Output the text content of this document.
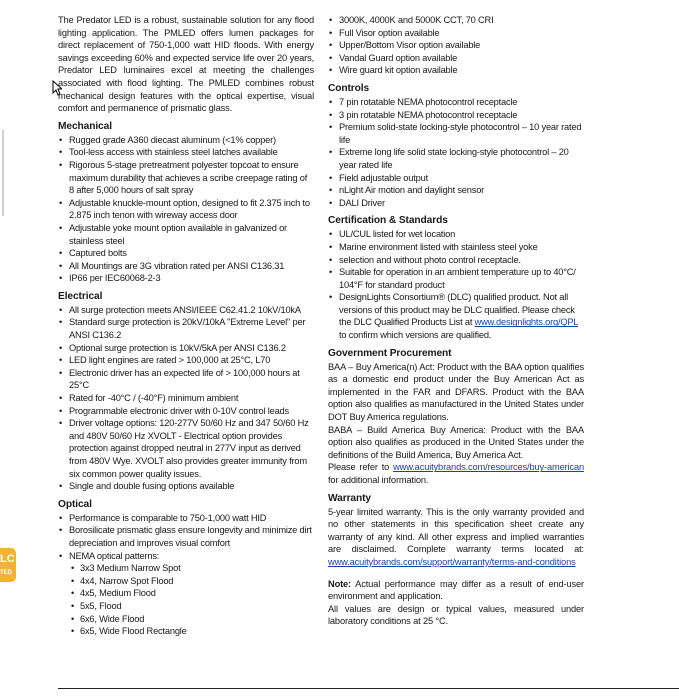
LC
TED

The Predator LED is a robust, sustainable solution for any flood lighting application. The PMLED offers lumen packages for direct replacement of 750-1,000 watt HID floods. With energy savings exceeding 60% and expected service life over 20 years, Predator LED luminaires excel at meeting the challenges associated with flood lighting. The PMLED combines robust mechanical design features with the optical expertise, visual comfort and permanence of prismatic glass.

Mechanical
• Rugged grade A360 diecast aluminum (<1% copper)
• Tool-less access with stainless steel latches available
• Rigorous 5-stage pretreatment polyester topcoat to ensure maximum durability that achieves a scribe creepage rating of 8 after 5,000 hours of salt spray
• Adjustable knuckle-mount option, designed to fit 2.375 inch to 2.875 inch tenon with wireway access door
• Adjustable yoke mount option available in galvanized or stainless steel
• Captured bolts
• All Mountings are 3G vibration rated per ANSI C136.31
• IP66 per IEC60068-2-3
Electrical
• All surge protection meets ANSI/IEEE C62.41.2 10kV/10kA
• Standard surge protection is 20kV/10kA "Extreme Level" per ANSI C136.2
• Optional surge protection is 10kV/5kA per ANSI C136.2
• LED light engines are rated > 100,000 at 25°C, L70
• Electronic driver has an expected life of > 100,000 hours at 25°C
• Rated for -40°C / (-40°F) minimum ambient
• Programmable electronic driver with 0-10V control leads
• Driver voltage options: 120-277V 50/60 Hz and 347 50/60 Hz and 480V 50/60 Hz XVOLT - Electrical option provides protection against dropped neutral in 277V input as derived from 480V Wye. XVOLT also provides greater immunity from six common power quality issues.
• Single and double fusing options available
Optical
• Performance is comparable to 750-1,000 watt HID
• Borosilicate prismatic glass ensure longevity and minimize dirt depreciation and improves visual comfort
• NEMA optical patterns:
• 3x3 Medium Narrow Spot
• 4x4, Narrow Spot Flood
• 4x5, Medium Flood
• 5x5, Flood
• 6x6, Wide Flood
• 6x5, Wide Flood Rectangle
• 3000K, 4000K and 5000K CCT, 70 CRI
• Full Visor option available
• Upper/Bottom Visor option available
• Vandal Guard option available
• Wire guard kit option available
Controls
• 7 pin rotatable NEMA photocontrol receptacle
• 3 pin rotatable NEMA photocontrol receptacle
• Premium solid-state locking-style photocontrol – 10 year rated life
• Extreme long life solid state locking-style photocontrol – 20 year rated life
• Field adjustable output
• nLight Air motion and daylight sensor
• DALI Driver
Certification & Standards
• UL/CUL listed for wet location
• Marine environment listed with stainless steel yoke
• selection and without photo control receptacle.
• Suitable for operation in an ambient temperature up to 40°C/ 104°F for standard product
• DesignLights Consortium® (DLC) qualified product. Not all versions of this product may be DLC qualified. Please check the DLC Qualified Products List at www.designlights.org/QPL to confirm which versions are qualified.
Government Procurement

BAA – Buy America(n) Act: Product with the BAA option qualifies as a domestic end product under the Buy American Act as implemented in the FAR and DFARS. Product with the BAA option also qualifies as manufactured in the United States under DOT Buy America regulations.

BABA – Build America Buy America: Product with the BAA option also qualifies as produced in the United States under the definitions of the Build America, Buy America Act.

Please refer to www.acuitybrands.com/resources/buy-american for additional information.

Warranty

5-year limited warranty. This is the only warranty provided and no other statements in this specification sheet create any warranty of any kind. All other express and implied warranties are disclaimed. Complete warranty terms located at: www.acuitybrands.com/support/warranty/terms-and-conditions

Note: Actual performance may differ as a result of end-user environment and application.

All values are design or typical values, measured under laboratory conditions at 25 °C.
